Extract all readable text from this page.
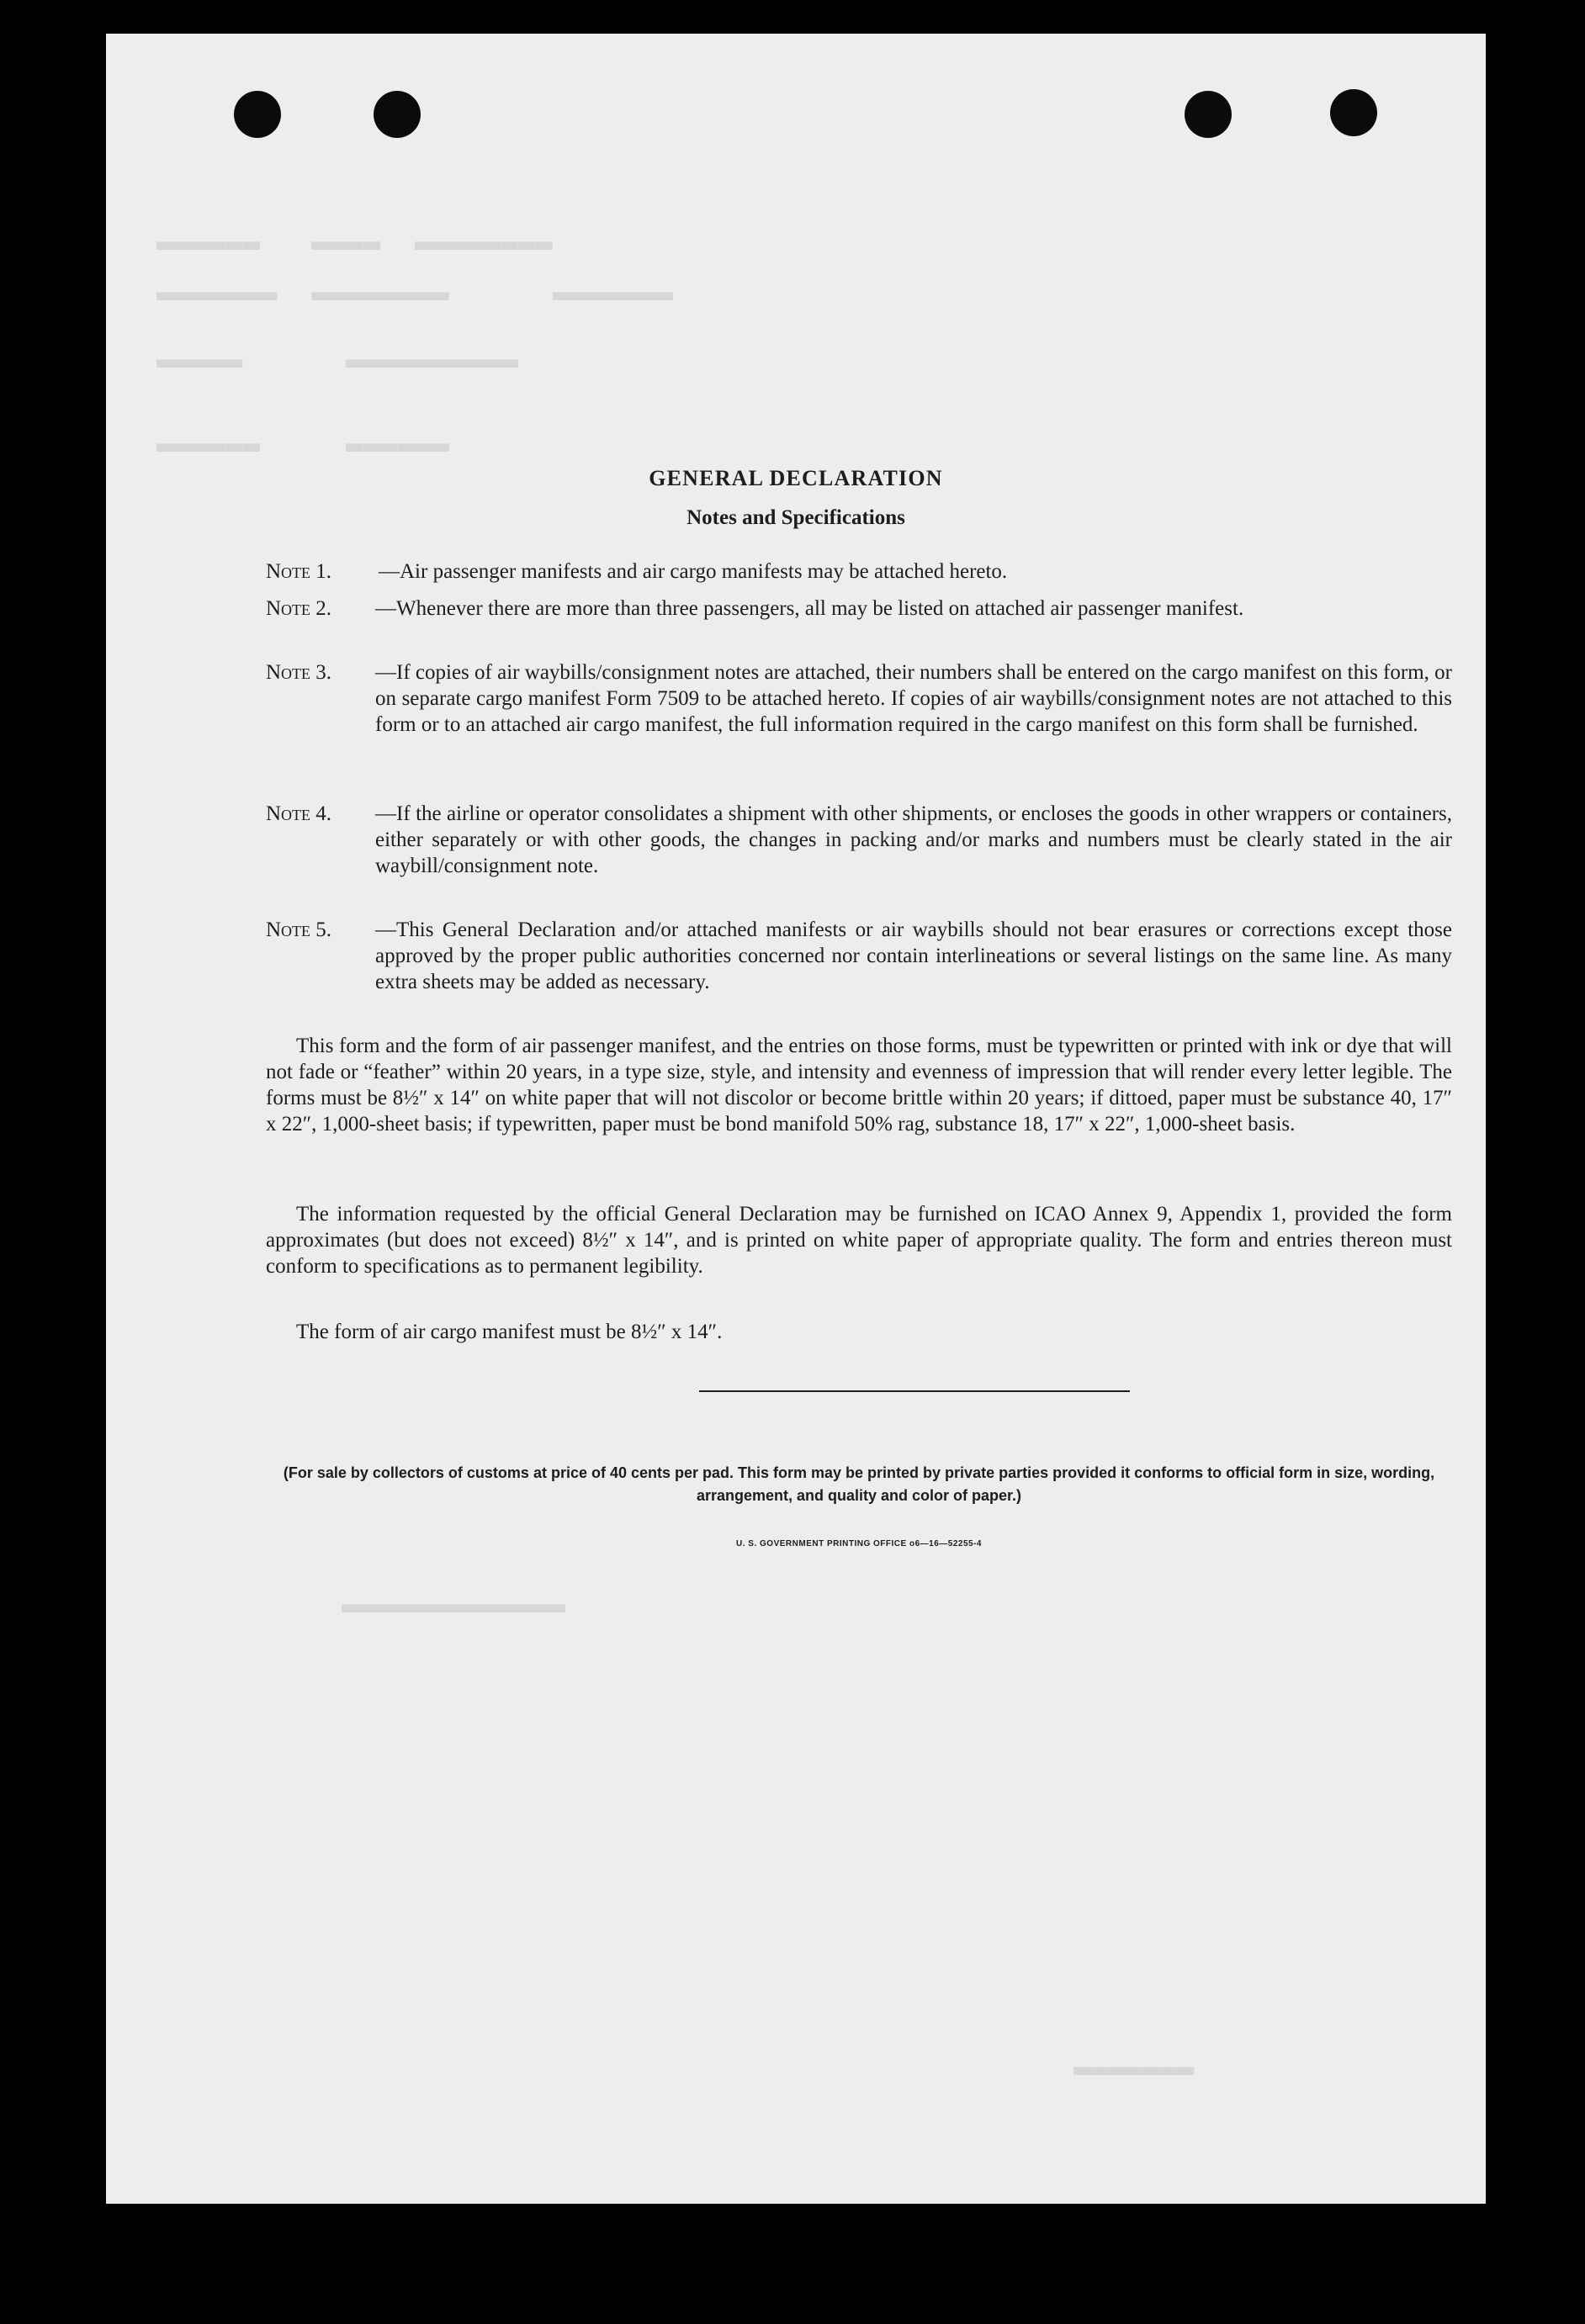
▬▬▬▬▬▬   ▬▬▬▬  ▬▬▬▬▬▬▬▬
▬▬▬▬▬▬▬  ▬▬▬▬▬▬▬▬      ▬▬▬▬▬▬▬
▬▬▬▬▬      ▬▬▬▬▬▬▬▬▬▬
▬▬▬▬▬▬     ▬▬▬▬▬▬
▬▬▬▬▬▬▬▬▬▬▬▬▬
▬▬▬▬▬▬▬
GENERAL DECLARATION
Notes and Specifications
Note 1.	—Air passenger manifests and air cargo manifests may be attached hereto.
Note 2.	—Whenever there are more than three passengers, all may be listed on attached air passenger manifest.
Note 3.	—If copies of air waybills/consignment notes are attached, their numbers shall be entered on the cargo manifest on this form, or on separate cargo manifest Form 7509 to be attached hereto. If copies of air waybills/consignment notes are not attached to this form or to an attached air cargo manifest, the full information required in the cargo manifest on this form shall be furnished.
Note 4.	—If the airline or operator consolidates a shipment with other shipments, or encloses the goods in other wrappers or containers, either separately or with other goods, the changes in packing and/or marks and numbers must be clearly stated in the air waybill/consignment note.
Note 5.	—This General Declaration and/or attached manifests or air waybills should not bear erasures or corrections except those approved by the proper public authorities concerned nor contain interlineations or several listings on the same line. As many extra sheets may be added as necessary.
This form and the form of air passenger manifest, and the entries on those forms, must be typewritten or printed with ink or dye that will not fade or “feather” within 20 years, in a type size, style, and intensity and evenness of impression that will render every letter legible. The forms must be 8½″ x 14″ on white paper that will not discolor or become brittle within 20 years; if dittoed, paper must be substance 40, 17″ x 22″, 1,000-sheet basis; if typewritten, paper must be bond manifold 50% rag, substance 18, 17″ x 22″, 1,000-sheet basis.
The information requested by the official General Declaration may be furnished on ICAO Annex 9, Appendix 1, provided the form approximates (but does not exceed) 8½″ x 14″, and is printed on white paper of appropriate quality. The form and entries thereon must conform to specifications as to permanent legibility.
The form of air cargo manifest must be 8½″ x 14″.
(For sale by collectors of customs at price of 40 cents per pad. This form may be printed by private parties provided it conforms to official form in size, wording, arrangement, and quality and color of paper.)
U. S. GOVERNMENT PRINTING OFFICE o6—16—52255-4
